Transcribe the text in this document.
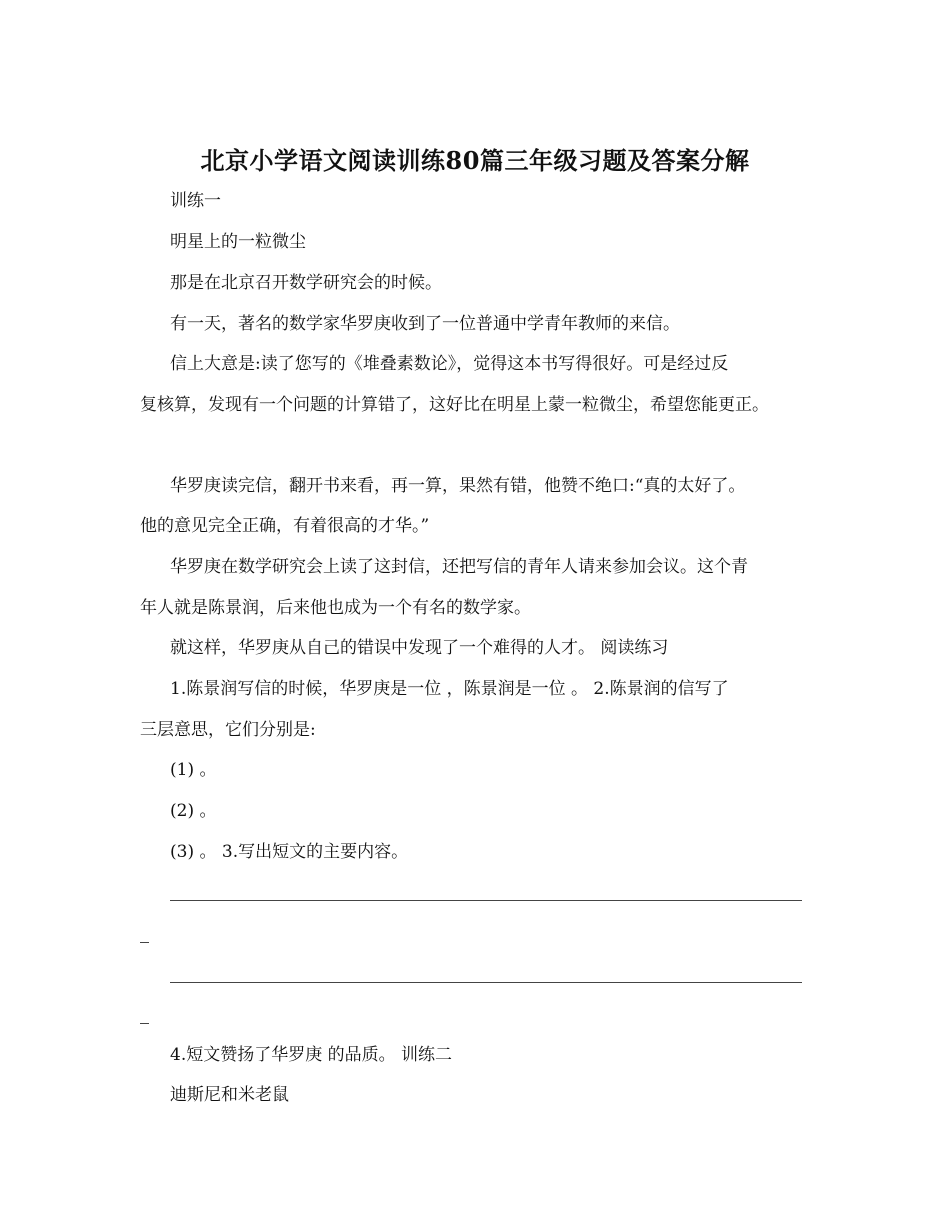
北京小学语文阅读训练80篇三年级习题及答案分解
训练一
明星上的一粒微尘
那是在北京召开数学研究会的时候。
有一天，著名的数学家华罗庚收到了一位普通中学青年教师的来信。
信上大意是:读了您写的《堆叠素数论》，觉得这本书写得很好。可是经过反
复核算，发现有一个问题的计算错了，这好比在明星上蒙一粒微尘，希望您能更正。
华罗庚读完信，翻开书来看，再一算，果然有错，他赞不绝口:“真的太好了。
他的意见完全正确，有着很高的才华。”
华罗庚在数学研究会上读了这封信，还把写信的青年人请来参加会议。这个青
年人就是陈景润，后来他也成为一个有名的数学家。
就这样，华罗庚从自己的错误中发现了一个难得的人才。 阅读练习
1.陈景润写信的时候，华罗庚是一位 ，陈景润是一位 。 2.陈景润的信写了
三层意思，它们分别是:
(1) 。
(2) 。
(3) 。 3.写出短文的主要内容。
4.短文赞扬了华罗庚 的品质。 训练二
迪斯尼和米老鼠
